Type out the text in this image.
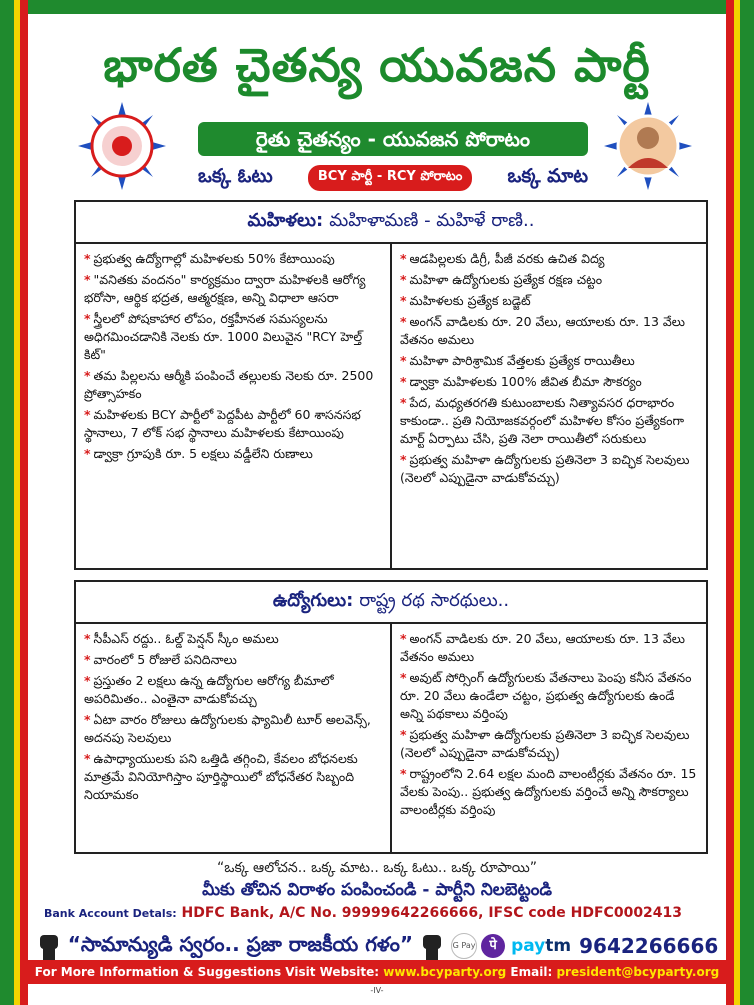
భారత చైతన్య యువజన పార్టీ
రైతు చైతన్యం - యువజన పోరాటం
ఒక్క ఓటు	BCY పార్టీ - RCY పోరాటం	ఒక్క మాట
మహిళలు: మహిళామణి - మహిళే రాణి..
* ప్రభుత్వ ఉద్యోగాల్లో మహిళలకు 50% కేటాయింపు
* "వనితకు వందనం" కార్యక్రమం ద్వారా మహిళలకి ఆరోగ్య భరోసా, ఆర్థిక భద్రత, ఆత్మరక్షణ, అన్ని విధాలా ఆసరా
* స్త్రీలలో పోషకాహార లోపం, రక్తహీనత సమస్యలను అధిగమించడానికి నెలకు రూ. 1000 విలువైన "RCY హెల్త్ కిట్"
* తమ పిల్లలను ఆర్మీకి పంపించే తల్లులకు నెలకు రూ. 2500 ప్రోత్సాహకం
* మహిళలకు BCY పార్టీలో పెద్దపీట పార్టీలో 60 శాసనసభ స్థానాలు, 7 లోక్ సభ స్థానాలు మహిళలకు కేటాయింపు
* డ్వాక్రా గ్రూపుకి రూ. 5 లక్షలు వడ్డీలేని రుణాలు
* ఆడపిల్లలకు డిగ్రీ, పీజీ వరకు ఉచిత విద్య
* మహిళా ఉద్యోగులకు ప్రత్యేక రక్షణ చట్టం
* మహిళలకు ప్రత్యేక బడ్జెట్
* అంగన్ వాడిలకు రూ. 20 వేలు, ఆయాలకు రూ. 13 వేలు వేతనం అమలు
* మహిళా పారిశ్రామిక వేత్తలకు ప్రత్యేక రాయితీలు
* డ్వాక్రా మహిళలకు 100% జీవిత బీమా సౌకర్యం
* పేద, మధ్యతరగతి కుటుంబాలకు నిత్యావసర ధరాభారం కాకుండా.. ప్రతి నియోజకవర్గంలో మహిళల కోసం ప్రత్యేకంగా మార్ట్ ఏర్పాటు చేసి, ప్రతి నెలా రాయితీలో సరుకులు
* ప్రభుత్వ మహిళా ఉద్యోగులకు ప్రతినెలా 3 ఐచ్ఛిక సెలవులు (నెలలో ఎప్పుడైనా వాడుకోవచ్చు)
ఉద్యోగులు: రాష్ట్ర రథ సారథులు..
* సీపీఎస్ రద్దు.. ఓల్డ్ పెన్షన్ స్కీం అమలు
* వారంలో 5 రోజులే పనిదినాలు
* ప్రస్తుతం 2 లక్షలు ఉన్న ఉద్యోగుల ఆరోగ్య బీమాలో అపరిమితం.. ఎంతైనా వాడుకోవచ్చు
* ఏటా వారం రోజులు ఉద్యోగులకు ఫ్యామిలీ టూర్ అలవెన్స్, అదనపు సెలవులు
* ఉపాధ్యాయులకు పని ఒత్తిడి తగ్గించి, కేవలం బోధనలకు మాత్రమే వినియోగిస్తాం పూర్తిస్థాయిలో బోధనేతర సిబ్బంది నియామకం
* అంగన్ వాడిలకు రూ. 20 వేలు, ఆయాలకు రూ. 13 వేలు వేతనం అమలు
* అవుట్ సోర్సింగ్ ఉద్యోగులకు వేతనాలు పెంపు కనీస వేతనం రూ. 20 వేలు ఉండేలా చట్టం, ప్రభుత్వ ఉద్యోగులకు ఉండే అన్ని పథకాలు వర్తింపు
* ప్రభుత్వ మహిళా ఉద్యోగులకు ప్రతినెలా 3 ఐచ్ఛిక సెలవులు (నెలలో ఎప్పుడైనా వాడుకోవచ్చు)
* రాష్ట్రంలోని 2.64 లక్షల మంది వాలంటీర్లకు వేతనం రూ. 15 వేలకు పెంపు.. ప్రభుత్వ ఉద్యోగులకు వర్తించే అన్ని సౌకర్యాలు వాలంటీర్లకు వర్తింపు
“ఒక్క ఆలోచన.. ఒక్క మాట.. ఒక్క ఓటు.. ఒక్క రూపాయి”
మీకు తోచిన విరాళం పంపించండి - పార్టీని నిలబెట్టండి
Bank Account Detals: HDFC Bank, A/C No. 99999642266666, IFSC code HDFC0002413
“సామాన్యుడి స్వరం.. ప్రజా రాజకీయ గళం”	G Pay	पे paytm 9642266666
For More Information & Suggestions Visit Website: www.bcyparty.org Email: president@bcyparty.org
-IV-
